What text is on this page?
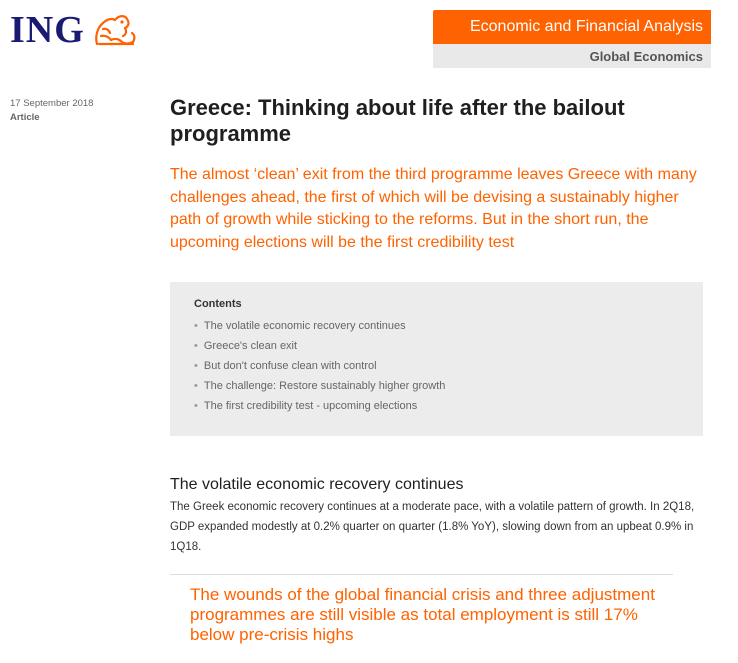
ING	Economic and Financial Analysis
Global Economics
17 September 2018
Article	Greece: Thinking about life after the bailout programme

The almost ‘clean’ exit from the third programme leaves Greece with many challenges ahead, the first of which will be devising a sustainably higher path of growth while sticking to the reforms. But in the short run, the upcoming elections will be the first credibility test

Contents
• The volatile economic recovery continues
• Greece's clean exit
• But don't confuse clean with control
• The challenge: Restore sustainably higher growth
• The first credibility test - upcoming elections
The volatile economic recovery continues

The Greek economic recovery continues at a moderate pace, with a volatile pattern of growth. In 2Q18, GDP expanded modestly at 0.2% quarter on quarter (1.8% YoY), slowing down from an upbeat 0.9% in 1Q18.

The wounds of the global financial crisis and three adjustment programmes are still visible as total employment is still 17% below pre-crisis highs
